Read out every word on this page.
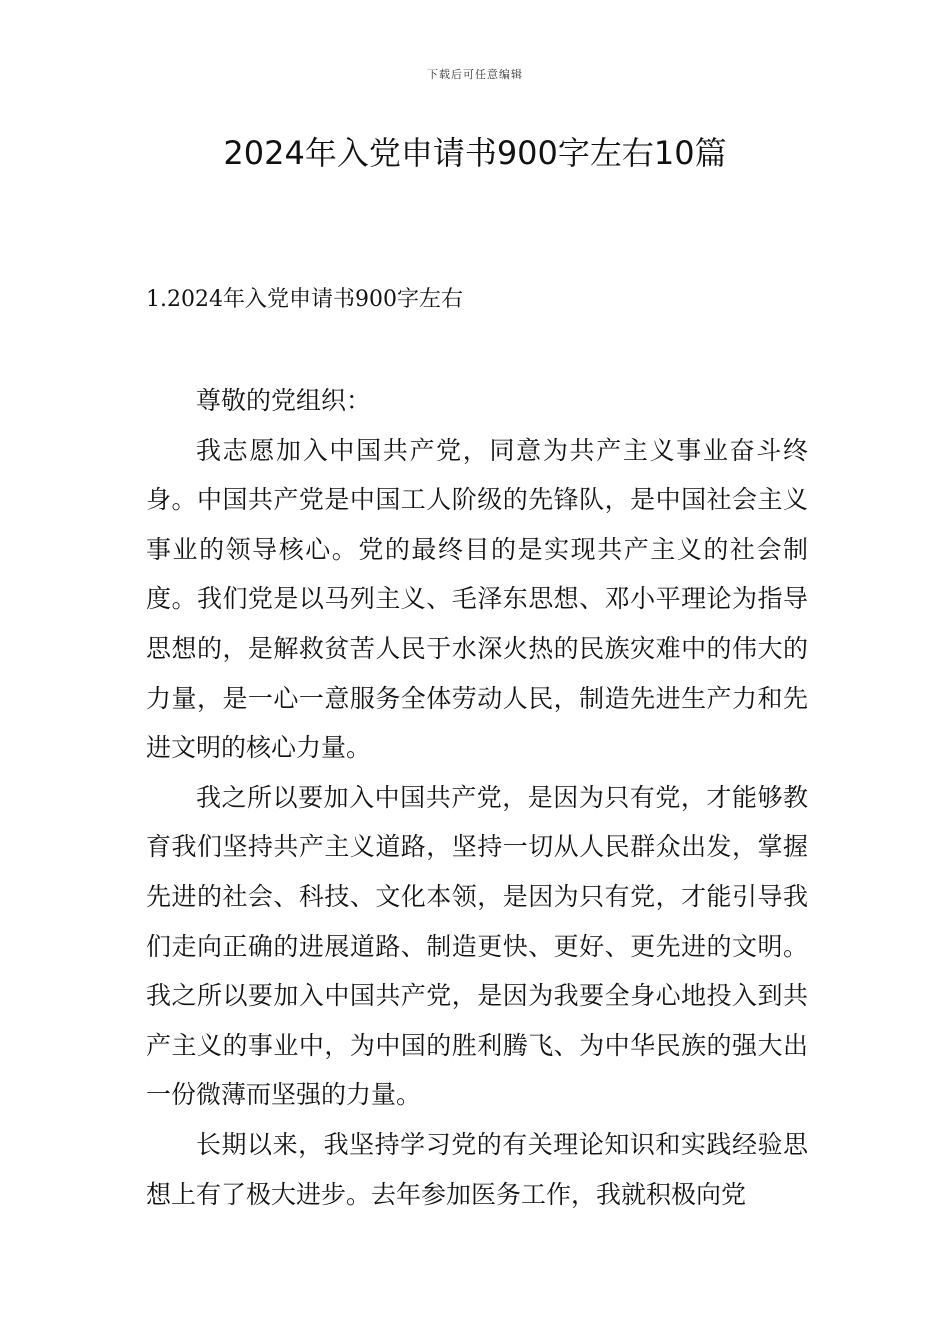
下载后可任意编辑
2024年入党申请书900字左右10篇
1.2024年入党申请书900字左右

尊敬的党组织：

我志愿加入中国共产党，同意为共产主义事业奋斗终身。中国共产党是中国工人阶级的先锋队，是中国社会主义事业的领导核心。党的最终目的是实现共产主义的社会制度。我们党是以马列主义、毛泽东思想、邓小平理论为指导思想的，是解救贫苦人民于水深火热的民族灾难中的伟大的力量，是一心一意服务全体劳动人民，制造先进生产力和先进文明的核心力量。

我之所以要加入中国共产党，是因为只有党，才能够教育我们坚持共产主义道路，坚持一切从人民群众出发，掌握先进的社会、科技、文化本领，是因为只有党，才能引导我们走向正确的进展道路、制造更快、更好、更先进的文明。我之所以要加入中国共产党，是因为我要全身心地投入到共产主义的事业中，为中国的胜利腾飞、为中华民族的强大出一份微薄而坚强的力量。

长期以来，我坚持学习党的有关理论知识和实践经验思想上有了极大进步。去年参加医务工作，我就积极向党
